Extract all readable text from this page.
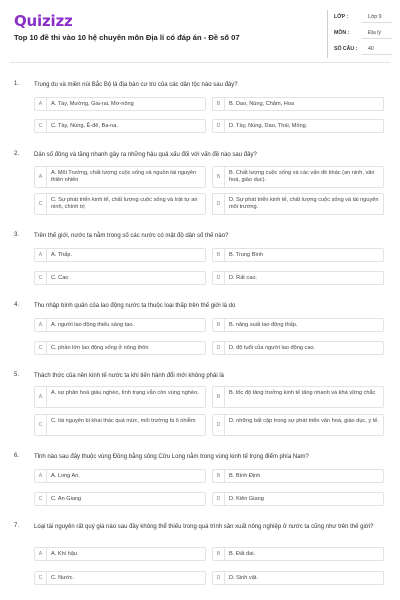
Quizizz
Top 10 đề thi vào 10 hệ chuyên môn Địa lí có đáp án - Đề số 07
LỚP :	Lớp 9
MÔN :	Địa lý
SỐ CÂU : 40
1. Trung du và miền núi Bắc Bộ là địa bàn cư trú của các dân tộc nào sau đây?
A	A. Tày, Mường, Gia-rai, Mơ-nông	B	B. Dao, Nùng, Chăm, Hoa
C	C. Tày, Nùng, Ê-đê, Ba-na.	D	D. Tày, Nùng, Dao, Thái, Mông.
2. Dân số đông và tăng nhanh gây ra những hậu quả xấu đối với vấn đề nào sau đây?
A
A. Môi Trường, chất lượng cuộc sống và nguồn tài nguyên thiên nhiên	B
B. Chất lượng cuộc sống và các vấn đề khác (an ninh, văn hoá, giáo dục).
C
C. Sự phát triển kinh tế, chất lượng cuộc sống và trật tự an ninh, chính trị	D
D. Sự phát triển kinh tế, chất lượng cuộc sống và tài nguyên môi trường.
3. Trên thế giới, nước ta nằm trong số các nước có mật độ dân số thế nào?
A	A. Thấp.	B	B. Trung Bình
C	C. Cao	D	D. Rất cao.
4. Thu nhập bình quân của lao động nước ta thuộc loại thấp trên thế giới là do
A	A. người lao động thiếu sáng tạo.	B	B. năng suất lao động thấp.
C	C. phần lớn lao động sống ở nông thôn	D	D. độ tuổi của người lao động cao.
5. Thách thức của nền kinh tế nước ta khi tiến hành đổi mới không phải là
A
A. sự phân hoá giàu nghèo, tình trạng vẫn còn vùng nghèo.
B
B. tốc độ tăng trưởng kinh tế tăng nhanh và khá vững chắc
C
C. tài nguyên bị khai thác quá mức, môi trường bị ô nhiễm
D
D. những bất cập trong sự phát triển văn hoá, giáo dục, y tế.
6. Tỉnh nào sau đây thuộc vùng Đồng bằng sông Cửu Long nằm trong vùng kinh tế trọng điểm phía Nam?
A	A. Long An.	B	B. Bình Định
C	C. An Giang	D	D. Kiên Giang
7. Loại tài nguyên rất quý giá nào sau đây không thể thiếu trong quá trình sản xuất nông nghiệp ở nước ta cũng như trên thế giới?
A	A. Khí hậu	B	B. Đất đai.
C	C. Nước.	D	D. Sinh vật.
